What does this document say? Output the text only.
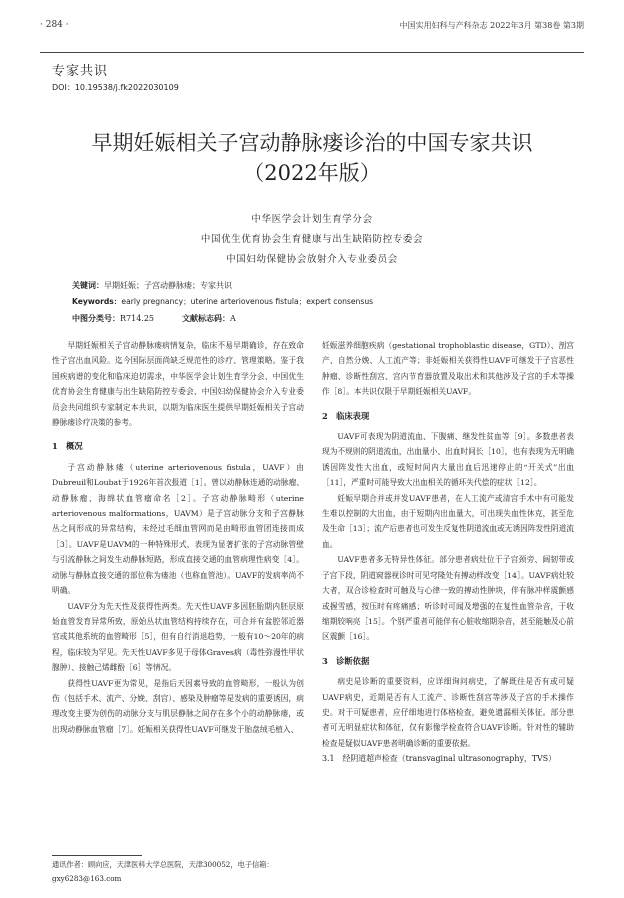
· 284 ·	中国实用妇科与产科杂志 2022年3月 第38卷 第3期
专家共识
DOI：10.19538/j.fk2022030109
早期妊娠相关子宫动静脉瘘诊治的中国专家共识
（2022年版）
中华医学会计划生育学分会
中国优生优育协会生育健康与出生缺陷防控专委会
中国妇幼保健协会放射介入专业委员会
关键词：早期妊娠；子宫动静脉瘘；专家共识
Keywords：early pregnancy；uterine arteriovenous fistula；expert consensus
中图分类号：R714.25	文献标志码：A

早期妊娠相关子宫动静脉瘘病情复杂，临床不易早期确诊，存在致命性子宫出血风险。迄今国际层面尚缺乏规范性的诊疗、管理策略。鉴于我国疾病谱的变化和临床迫切需求，中华医学会计划生育学分会、中国优生优育协会生育健康与出生缺陷防控专委会、中国妇幼保健协会介入专业委员会共同组织专家制定本共识，以期为临床医生提供早期妊娠相关子宫动静脉瘘诊疗决策的参考。

1　概况

子宫动静脉瘘（uterine arteriovenous fistula，UAVF）由Dubreuil和Loubat于1926年首次报道［1］。曾以动静脉连通的动脉瘤、动静脉瘤、海绵状血管瘤命名［2］。子宫动静脉畸形（uterine arteriovenous malformations，UAVM）是子宫动脉分支和子宫静脉丛之间形成的异常结构，未经过毛细血管网而是由畸形血管团连接而成［3］。UAVF是UAVM的一种特殊形式，表现为显著扩张的子宫动脉管壁与引流静脉之间发生动静脉短路，形成直接交通的血管病理性病变［4］。动脉与静脉直接交通的部位称为瘘池（也称血管池）。UAVF的发病率尚不明确。

UAVF分为先天性及获得性两类。先天性UAVF多因胚胎期内胚层原始血管发育异常所致，原始丛状血管结构持续存在，可合并有盆腔邻近器官或其他系统的血管畸形［5］，但有自行消退趋势，一般有10～20年的病程，临床较为罕见。先天性UAVF多见于母体Graves病（毒性弥漫性甲状腺肿）、接触己烯雌酚［6］等情况。

获得性UAVF更为常见，是指后天因素导致的血管畸形，一般认为创伤（包括手术、流产、分娩、刮宫）、感染及肿瘤等是发病的重要诱因，病理改变主要为创伤的动脉分支与肌层静脉之间存在多个小的动静脉瘘，或出现动静脉血管瘤［7］。妊娠相关获得性UAVF可继发于胎盘绒毛植入、

通讯作者：顾向应，天津医科大学总医院，天津300052，电子信箱：gxy6283@163.com

妊娠滋养细胞疾病（gestational trophoblastic disease，GTD）、剖宫产、自然分娩、人工流产等；非妊娠相关获得性UAVF可继发于子宫恶性肿瘤、诊断性刮宫、宫内节育器放置及取出术和其他涉及子宫的手术等操作［8］。本共识仅限于早期妊娠相关UAVF。

2　临床表现

UAVF可表现为阴道流血、下腹痛、继发性贫血等［9］。多数患者表现为不规则的阴道流血，出血量小、出血时间长［10］，也有表现为无明确诱因阵发性大出血，或短时间内大量出血后迅速停止的“开关式”出血［11］，严重时可能导致大出血相关的循环失代偿的症状［12］。

妊娠早期合并或并发UAVF患者，在人工流产或清宫手术中有可能发生难以控制的大出血，由于短期内出血量大，可出现失血性休克，甚至危及生命［13］；流产后患者也可发生反复性阴道流血或无诱因阵发性阴道流血。

UAVF患者多无特异性体征。部分患者病灶位于子宫颈旁、阔韧带或子宫下段，阴道窥器视诊时可见穹隆处有搏动样改变［14］。UAVF病灶较大者，双合诊检查时可触及与心律一致的搏动性肿块，伴有脉冲样震颤感或握雪感，按压时有疼痛感；听诊时可闻及增强的在复性血管杂音，于收缩期较响亮［15］。个别严重者可能伴有心脏收缩期杂音，甚至能触及心前区震颤［16］。

3　诊断依据

病史是诊断的重要资料，应详细询问病史，了解既往是否有或可疑UAVF病史，近期是否有人工流产、诊断性刮宫等涉及子宫的手术操作史。对于可疑患者，应仔细地进行体格检查，避免遗漏相关体征。部分患者可无明显症状和体征，仅有影像学检查符合UAVF诊断。针对性的辅助检查是疑似UAVF患者明确诊断的重要依据。

3.1　经阴道超声检查（transvaginal ultrasonography，TVS）
